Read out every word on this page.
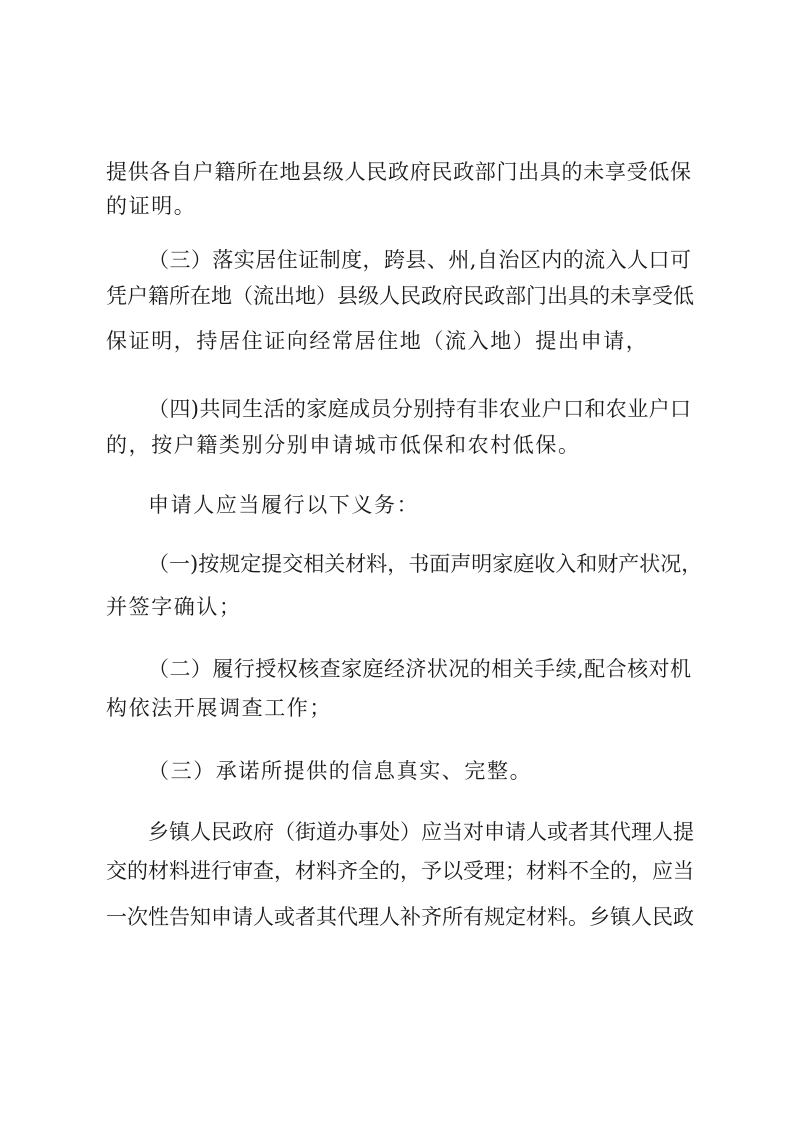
提供各自户籍所在地县级人民政府民政部门出具的未享受低保

的证明。

（三）落实居住证制度，跨县、州,自治区内的流入人口可

凭户籍所在地（流出地）县级人民政府民政部门出具的未享受低

保证明，持居住证向经常居住地（流入地）提出申请，

（四)共同生活的家庭成员分别持有非农业户口和农业户口

的，按户籍类别分别申请城市低保和农村低保。

申请人应当履行以下义务：

（一)按规定提交相关材料，书面声明家庭收入和财产状况，

并签字确认；

（二）履行授权核查家庭经济状况的相关手续,配合核对机

构依法开展调查工作；

（三）承诺所提供的信息真实、完整。

乡镇人民政府（街道办事处）应当对申请人或者其代理人提

交的材料进行审查，材料齐全的，予以受理；材料不全的，应当

一次性告知申请人或者其代理人补齐所有规定材料。乡镇人民政
